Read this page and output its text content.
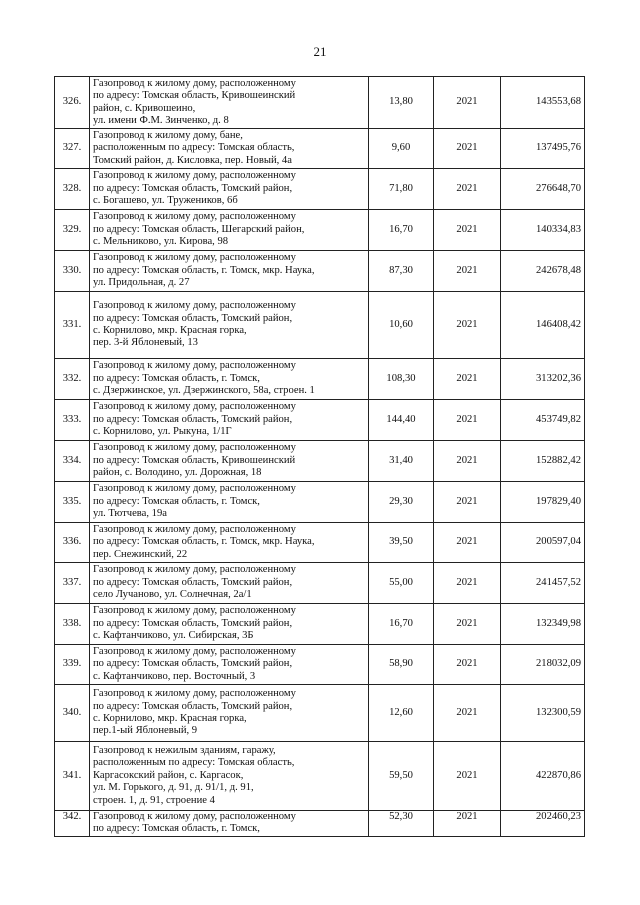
21
326.	Газопровод к жилому дому, расположенному
по адресу: Томская область, Кривошеинский
район, с. Кривошеино,
ул. имени Ф.М. Зинченко, д. 8	13,80	2021	143553,68
327.	Газопровод к жилому дому, бане,
расположенным по адресу: Томская область,
Томский район, д. Кисловка, пер. Новый, 4а	9,60	2021	137495,76
328.	Газопровод к жилому дому, расположенному
по адресу: Томская область, Томский район,
с. Богашево, ул. Тружеников, 6б	71,80	2021	276648,70
329.	Газопровод к жилому дому, расположенному
по адресу: Томская область, Шегарский район,
с. Мельниково, ул. Кирова, 98	16,70	2021	140334,83
330.	Газопровод к жилому дому, расположенному
по адресу: Томская область, г. Томск, мкр. Наука,
ул. Придольная, д. 27	87,30	2021	242678,48
331.	Газопровод к жилому дому, расположенному
по адресу: Томская область, Томский район,
с. Корнилово, мкр. Красная горка,
пер. 3-й Яблоневый, 13	10,60	2021	146408,42
332.	Газопровод к жилому дому, расположенному
по адресу: Томская область, г. Томск,
с. Дзержинское, ул. Дзержинского, 58а, строен. 1	108,30	2021	313202,36
333.	Газопровод к жилому дому, расположенному
по адресу: Томская область, Томский район,
с. Корнилово, ул. Рыкуна, 1/1Г	144,40	2021	453749,82
334.	Газопровод к жилому дому, расположенному
по адресу: Томская область, Кривошеинский
район, с. Володино, ул. Дорожная, 18	31,40	2021	152882,42
335.	Газопровод к жилому дому, расположенному
по адресу: Томская область, г. Томск,
ул. Тютчева, 19а	29,30	2021	197829,40
336.	Газопровод к жилому дому, расположенному
по адресу: Томская область, г. Томск, мкр. Наука,
пер. Снежинский, 22	39,50	2021	200597,04
337.	Газопровод к жилому дому, расположенному
по адресу: Томская область, Томский район,
село Лучаново, ул. Солнечная, 2а/1	55,00	2021	241457,52
338.	Газопровод к жилому дому, расположенному
по адресу: Томская область, Томский район,
с. Кафтанчиково, ул. Сибирская, 3Б	16,70	2021	132349,98
339.	Газопровод к жилому дому, расположенному
по адресу: Томская область, Томский район,
с. Кафтанчиково, пер. Восточный, 3	58,90	2021	218032,09
340.	Газопровод к жилому дому, расположенному
по адресу: Томская область, Томский район,
с. Корнилово, мкр. Красная горка,
пер.1-ый Яблоневый, 9	12,60	2021	132300,59
341.	Газопровод к нежилым зданиям, гаражу,
расположенным по адресу: Томская область,
Каргасокский район, с. Каргасок,
ул. М. Горького, д. 91, д. 91/1, д. 91,
строен. 1, д. 91, строение 4	59,50	2021	422870,86
342.	Газопровод к жилому дому, расположенному
по адресу: Томская область, г. Томск,	52,30	2021	202460,23
